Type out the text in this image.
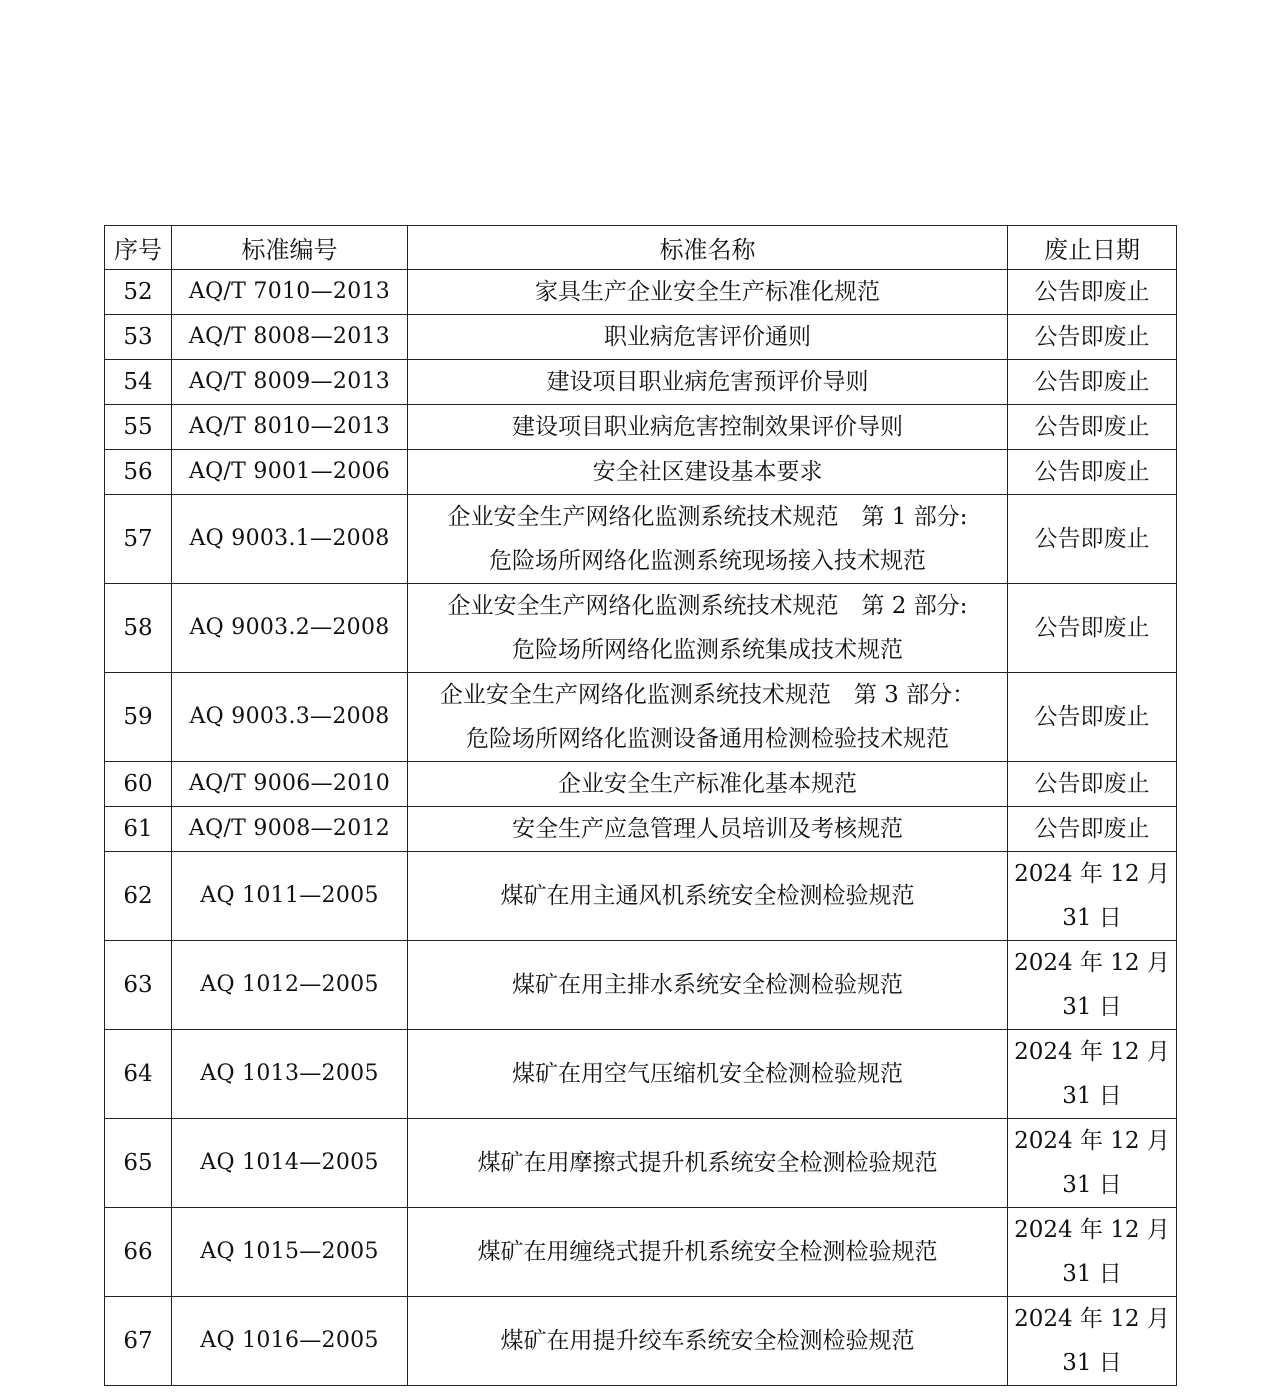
序号	标准编号	标准名称	废止日期
52	AQ/T 7010—2013	家具生产企业安全生产标准化规范	公告即废止

53	AQ/T 8008—2013	职业病危害评价通则	公告即废止

54	AQ/T 8009—2013	建设项目职业病危害预评价导则	公告即废止

55	AQ/T 8010—2013	建设项目职业病危害控制效果评价导则	公告即废止

56	AQ/T 9001—2006	安全社区建设基本要求	公告即废止

57	AQ 9003.1—2008	企业安全生产网络化监测系统技术规范　第 1 部分:
危险场所网络化监测系统现场接入技术规范	公告即废止

58	AQ 9003.2—2008	企业安全生产网络化监测系统技术规范　第 2 部分:
危险场所网络化监测系统集成技术规范	公告即废止

59	AQ 9003.3—2008	企业安全生产网络化监测系统技术规范　第 3 部分：
危险场所网络化监测设备通用检测检验技术规范	公告即废止

60	AQ/T 9006—2010	企业安全生产标准化基本规范	公告即废止

61	AQ/T 9008—2012	安全生产应急管理人员培训及考核规范	公告即废止

62	AQ 1011—2005	煤矿在用主通风机系统安全检测检验规范	2024 年 12 月
31 日

63	AQ 1012—2005	煤矿在用主排水系统安全检测检验规范	2024 年 12 月
31 日

64	AQ 1013—2005	煤矿在用空气压缩机安全检测检验规范	2024 年 12 月
31 日

65	AQ 1014—2005	煤矿在用摩擦式提升机系统安全检测检验规范	2024 年 12 月
31 日

66	AQ 1015—2005	煤矿在用缠绕式提升机系统安全检测检验规范	2024 年 12 月
31 日

67	AQ 1016—2005	煤矿在用提升绞车系统安全检测检验规范	2024 年 12 月
31 日
